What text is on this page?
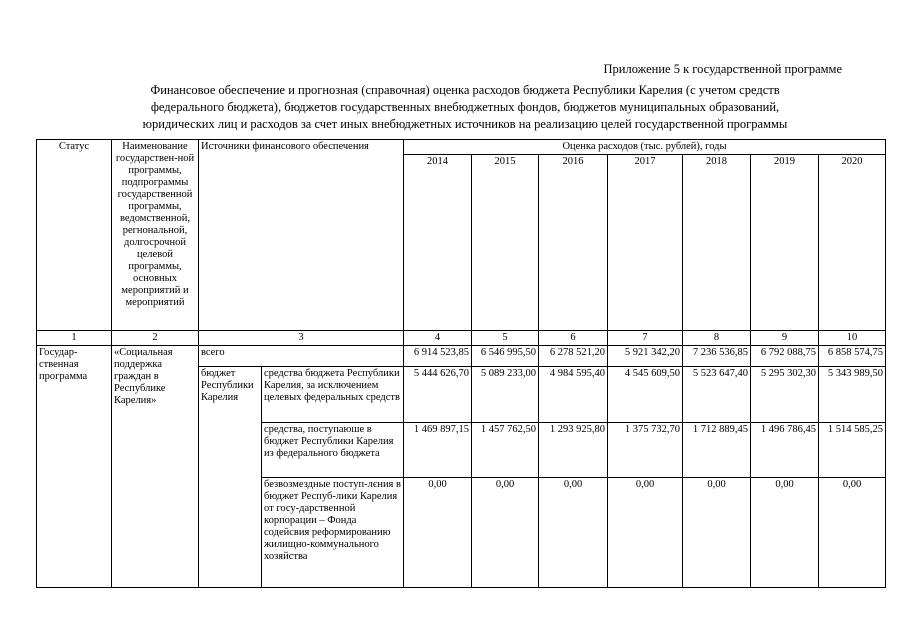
Приложение 5 к государственной программе
Финансовое обеспечение и прогнозная (справочная) оценка расходов бюджета Республики Карелия (с учетом средств
федерального бюджета), бюджетов государственных внебюджетных фондов, бюджетов муниципальных образований,
юридических лиц и расходов за счет иных внебюджетных источников на реализацию целей государственной программы
Статус	Наименование государствен-ной программы, подпрограммы государственной программы, ведомственной, регнональной, долгосрочной целевой программы, основных мероприятий и мероприятий	Источники финансового обеспечения		Оценка расходов (тыс. рублей), годы						
				2014	2015	2016	2017	2018	2019	2020
1	2	3		4	5	6	7	8	9	10
Государ-ственная программа	«Социальная поддержка граждан в Республике Карелия»	всего		6 914 523,85	6 546 995,50	6 278 521,20	5 921 342,20	7 236 536,85	6 792 088,75	6 858 574,75
		бюджет Республики Карелия	средства бюджета Республики Карелия, за исключением целевых федеральных средств	5 444 626,70	5 089 233,00	4 984 595,40	4 545 609,50	5 523 647,40	5 295 302,30	5 343 989,50
			средства, поступаюше в бюджет Республики Карелия из федерального бюджета	1 469 897,15	1 457 762,50	1 293 925,80	1 375 732,70	1 712 889,45	1 496 786,45	1 514 585,25
			безвозмездные поступ-лєния в бюджет Респуб-лики Карелия от госу-дарственной корпорации – Фонда содейсвия реформированию жилищно-коммунального хозяйства	0,00	0,00	0,00	0,00	0,00	0,00	0,00
